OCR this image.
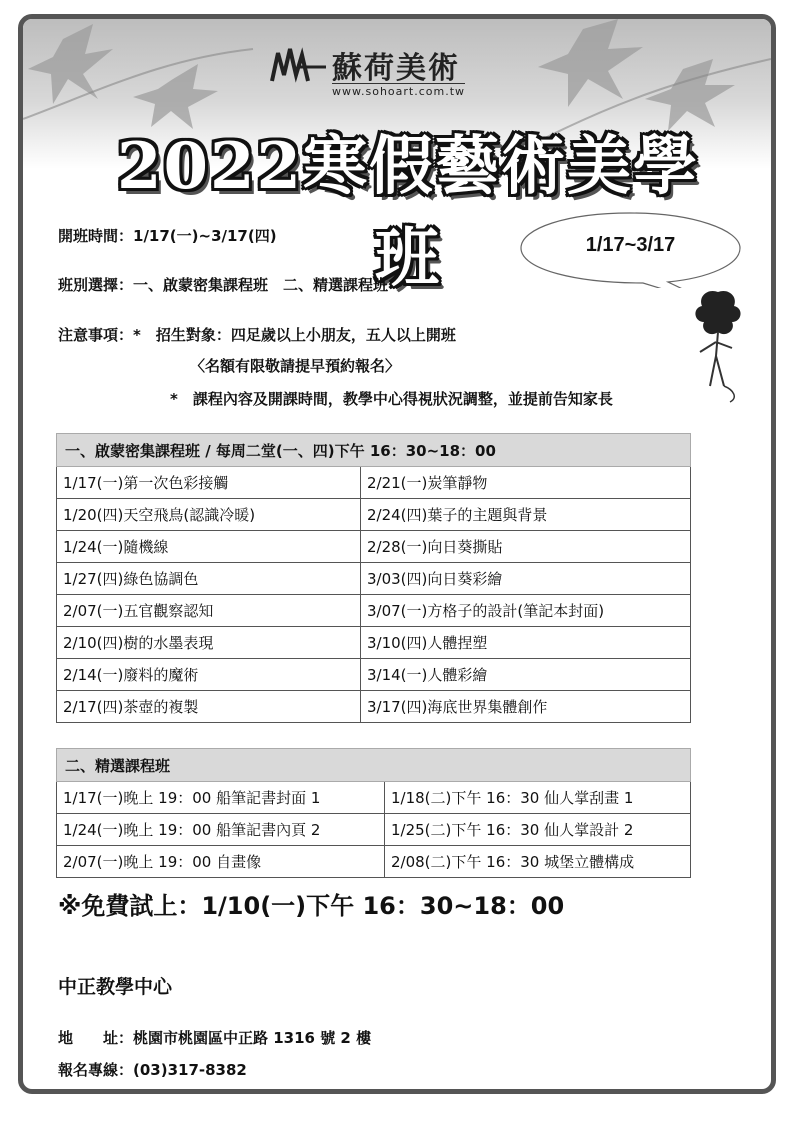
蘇荷美術
www.sohoart.com.tw
2022寒假藝術美學班
開班時間：1/17(一)~3/17(四)
班別選擇：一、啟蒙密集課程班　二、精選課程班
注意事項：*　招生對象：四足歲以上小朋友，五人以上開班
〈名額有限敬請提早預約報名〉
*　課程內容及開課時間，教學中心得視狀況調整，並提前告知家長
1/17~3/17
一、啟蒙密集課程班 / 每周二堂(一、四)下午 16：30~18：00	
1/17(一)第一次色彩接觸	2/21(一)炭筆靜物
1/20(四)天空飛鳥(認識冷暖)	2/24(四)葉子的主題與背景
1/24(一)隨機線	2/28(一)向日葵撕貼
1/27(四)綠色協調色	3/03(四)向日葵彩繪
2/07(一)五官觀察認知	3/07(一)方格子的設計(筆記本封面)
2/10(四)樹的水墨表現	3/10(四)人體捏塑
2/14(一)廢料的魔術	3/14(一)人體彩繪
2/17(四)茶壺的複製	3/17(四)海底世界集體創作
二、精選課程班	
1/17(一)晚上 19：00 船筆記書封面 1	1/18(二)下午 16：30 仙人掌刮畫 1
1/24(一)晚上 19：00 船筆記書內頁 2	1/25(二)下午 16：30 仙人掌設計 2
2/07(一)晚上 19：00 自畫像	2/08(二)下午 16：30 城堡立體構成
※免費試上：1/10(一)下午 16：30~18：00
中正教學中心
地　　址：桃園市桃園區中正路 1316 號 2 樓
報名專線：(03)317-8382
